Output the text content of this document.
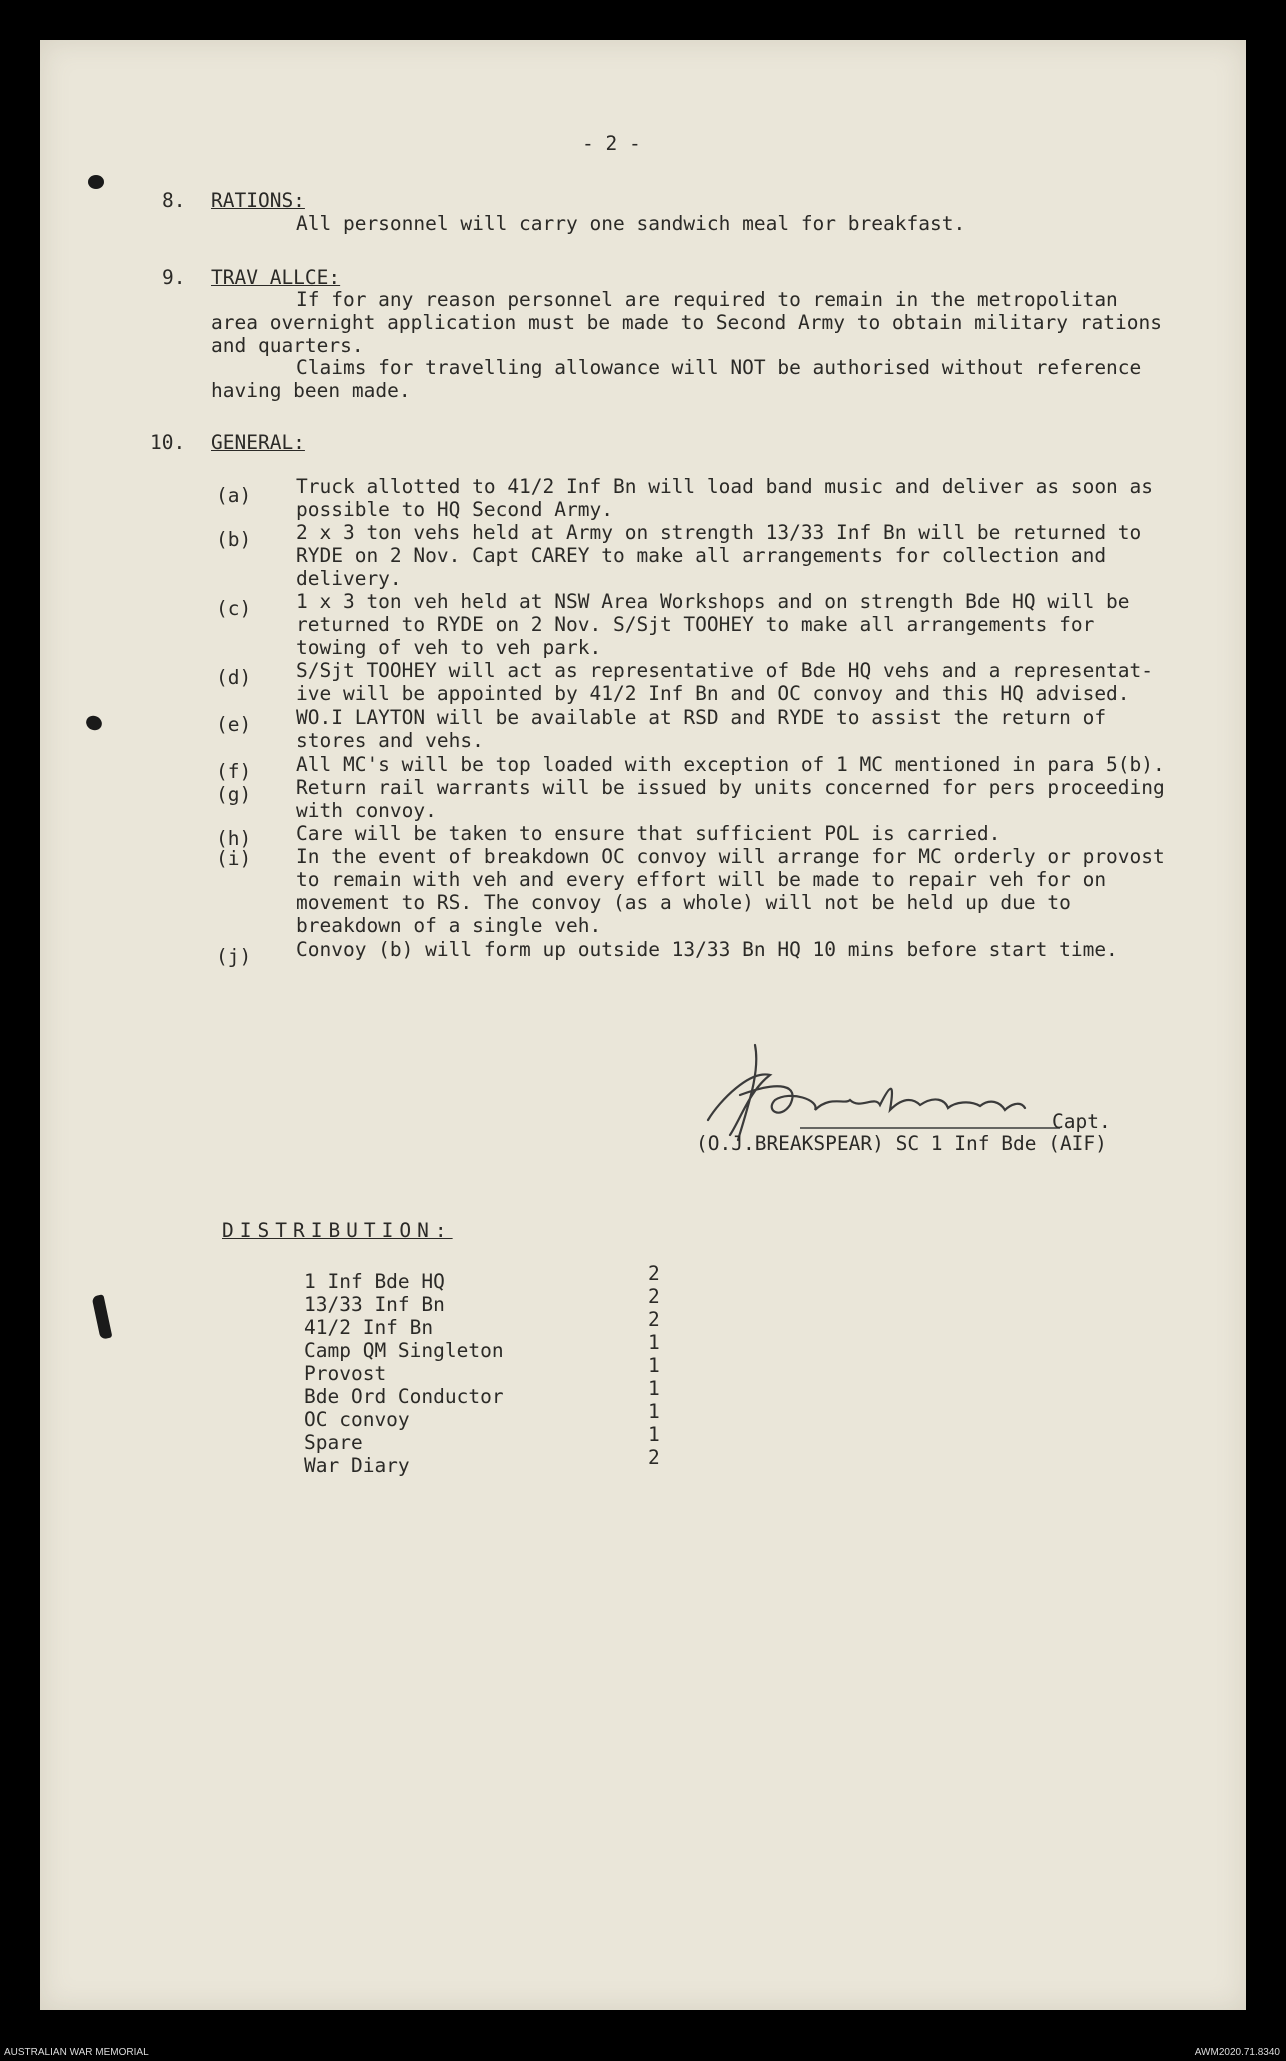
- 2 -
8. RATIONS:
All personnel will carry one sandwich meal for breakfast.
9. TRAV ALLCE:
If for any reason personnel are required to remain in the metropolitan
area overnight application must be made to Second Army to obtain military rations
and quarters.
Claims for travelling allowance will NOT be authorised without reference
having been made.
10. GENERAL:
(a) Truck allotted to 41/2 Inf Bn will load band music and deliver as soon as
possible to HQ Second Army.
(b) 2 x 3 ton vehs held at Army on strength 13/33 Inf Bn will be returned to
RYDE on 2 Nov. Capt CAREY to make all arrangements for collection and
delivery.
(c) 1 x 3 ton veh held at NSW Area Workshops and on strength Bde HQ will be
returned to RYDE on 2 Nov. S/Sjt TOOHEY to make all arrangements for
towing of veh to veh park.
(d) S/Sjt TOOHEY will act as representative of Bde HQ vehs and a representat-
ive will be appointed by 41/2 Inf Bn and OC convoy and this HQ advised.
(e) WO.I LAYTON will be available at RSD and RYDE to assist the return of
stores and vehs.
(f) All MC's will be top loaded with exception of 1 MC mentioned in para 5(b).
(g) Return rail warrants will be issued by units concerned for pers proceeding
with convoy.
(h) Care will be taken to ensure that sufficient POL is carried.
(i) In the event of breakdown OC convoy will arrange for MC orderly or provost
to remain with veh and every effort will be made to repair veh for on
movement to RS. The convoy (as a whole) will not be held up due to
breakdown of a single veh.
(j) Convoy (b) will form up outside 13/33 Bn HQ 10 mins before start time.
Capt.
(O.J.BREAKSPEAR) SC 1 Inf Bde (AIF)
DISTRIBUTION:
1 Inf Bde HQ	2
13/33 Inf Bn	2
41/2 Inf Bn	2
Camp QM Singleton	1
Provost	1
Bde Ord Conductor	1
OC convoy	1
Spare	1
War Diary	2
AUSTRALIAN WAR MEMORIAL	AWM2020.71.8340
